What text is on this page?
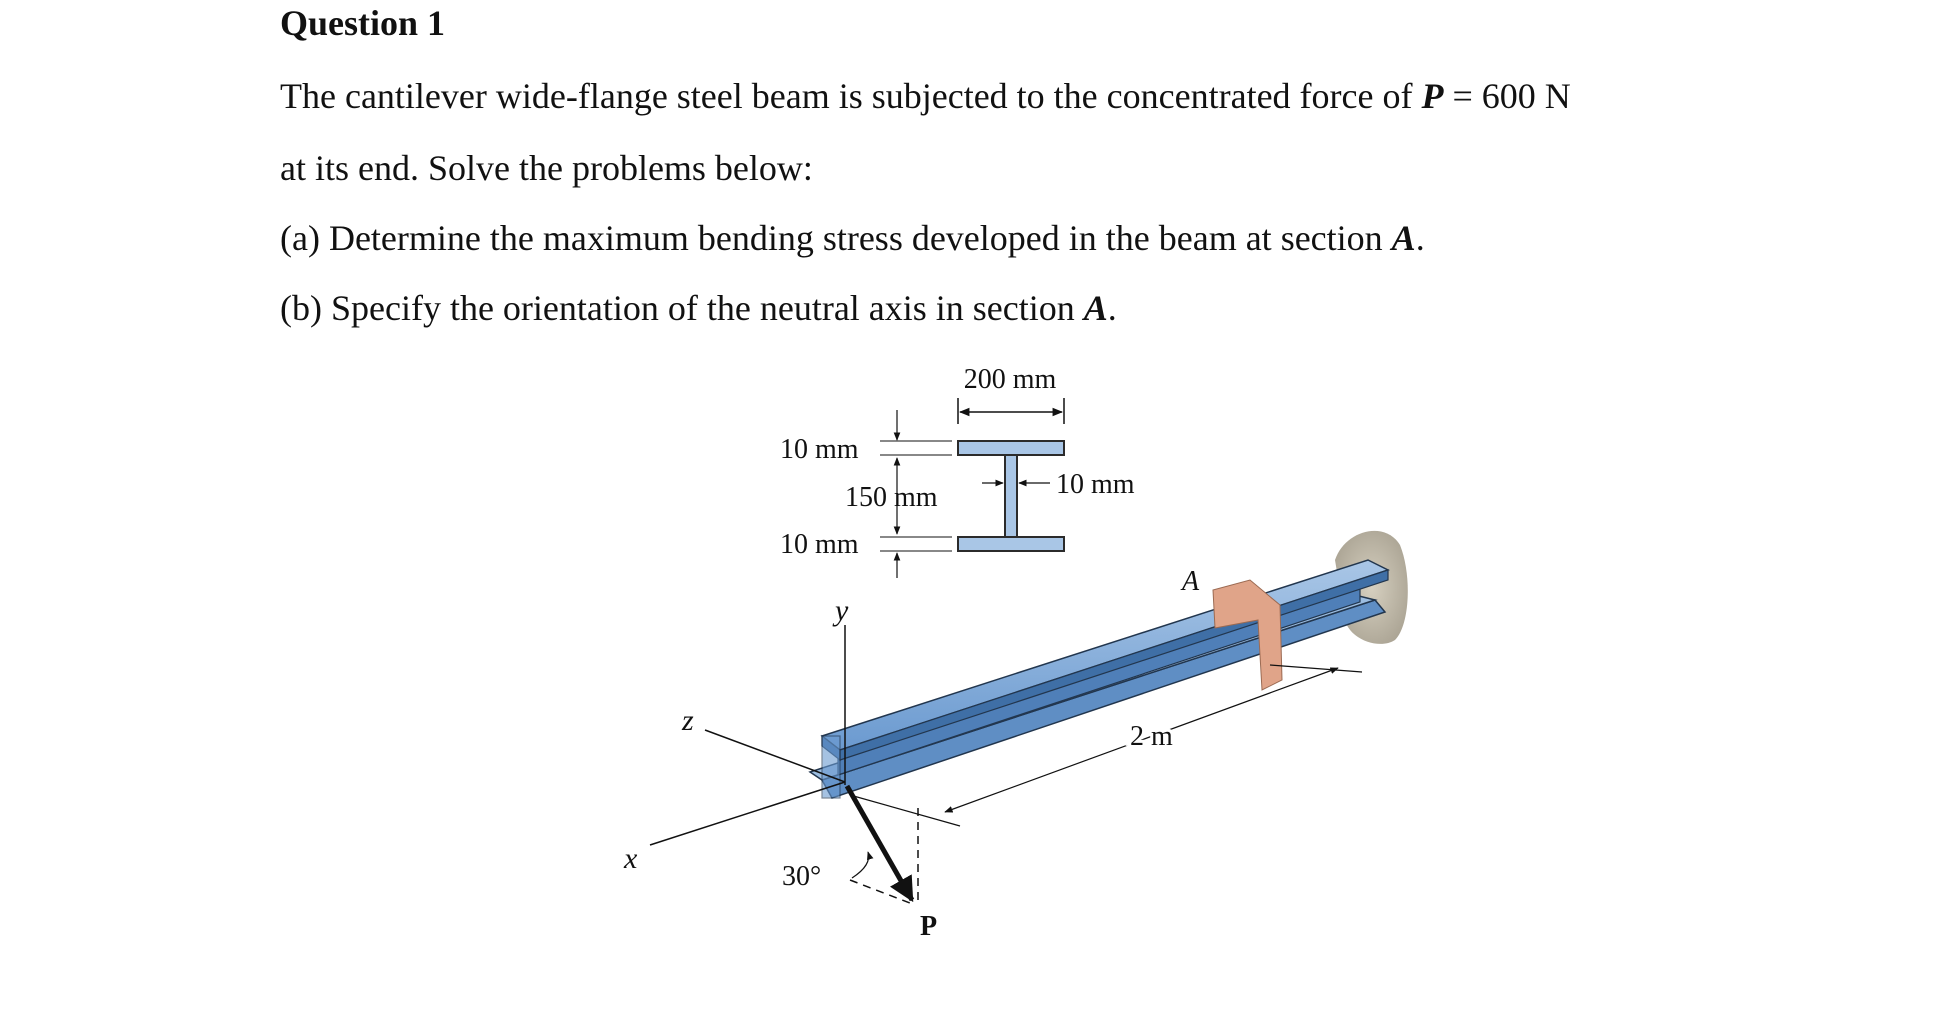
Question 1
The cantilever wide-flange steel beam is subjected to the concentrated force of P = 600 N
at its end. Solve the problems below:
(a) Determine the maximum bending stress developed in the beam at section A.
(b) Specify the orientation of the neutral axis in section A.
200 mm
10 mm
150 mm
10 mm
10 mm
A
2 m
y
z
x
30°
P
